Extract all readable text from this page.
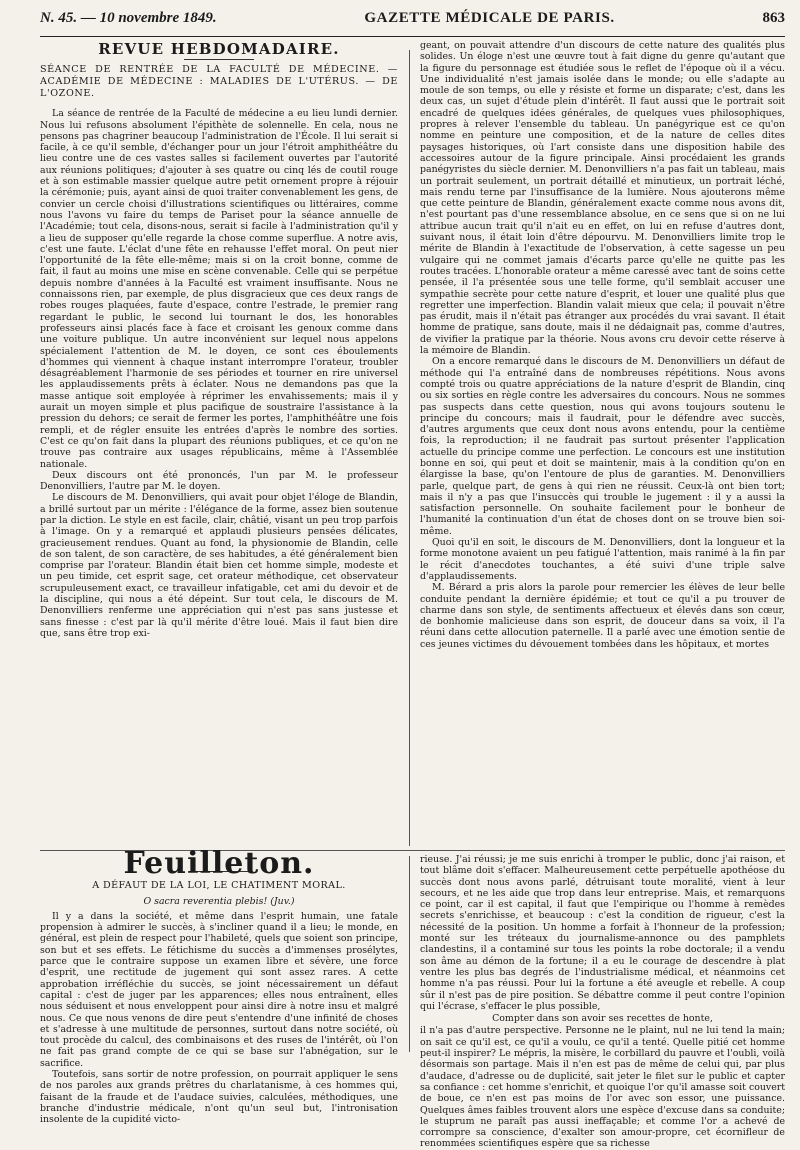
N. 45. — 10 novembre 1849.	GAZETTE MÉDICALE DE PARIS.	863
REVUE HEBDOMADAIRE.
SÉANCE DE RENTRÉE DE LA FACULTÉ DE MÉDECINE. — ACADÉMIE DE MÉDECINE : MALADIES DE L'UTÉRUS. — DE L'OZONE.

La séance de rentrée de la Faculté de médecine a eu lieu lundi dernier. Nous lui refusons absolument l'épithète de solennelle. En cela, nous ne pensons pas chagriner beaucoup l'administration de l'École. Il lui serait si facile, à ce qu'il semble, d'échanger pour un jour l'étroit amphithéâtre du lieu contre une de ces vastes salles si facilement ouvertes par l'autorité aux réunions politiques; d'ajouter à ses quatre ou cinq lés de coutil rouge et à son estimable massier quelque autre petit ornement propre à réjouir la cérémonie; puis, ayant ainsi de quoi traiter convenablement les gens, de convier un cercle choisi d'illustrations scientifiques ou littéraires, comme nous l'avons vu faire du temps de Pariset pour la séance annuelle de l'Académie; tout cela, disons-nous, serait si facile à l'administration qu'il y a lieu de supposer qu'elle regarde la chose comme superflue. A notre avis, c'est une faute. L'éclat d'une fête en rehausse l'effet moral. On peut nier l'opportunité de la fête elle-même; mais si on la croit bonne, comme de fait, il faut au moins une mise en scène convenable. Celle qui se perpétue depuis nombre d'années à la Faculté est vraiment insuffisante. Nous ne connaissons rien, par exemple, de plus disgracieux que ces deux rangs de robes rouges plaquées, faute d'espace, contre l'estrade, le premier rang regardant le public, le second lui tournant le dos, les honorables professeurs ainsi placés face à face et croisant les genoux comme dans une voiture publique. Un autre inconvénient sur lequel nous appelons spécialement l'attention de M. le doyen, ce sont ces éboulements d'hommes qui viennent à chaque instant interrompre l'orateur, troubler désagréablement l'harmonie de ses périodes et tourner en rire universel les applaudissements prêts à éclater. Nous ne demandons pas que la masse antique soit employée à réprimer les envahissements; mais il y aurait un moyen simple et plus pacifique de soustraire l'assistance à la pression du dehors; ce serait de fermer les portes, l'amphithéâtre une fois rempli, et de régler ensuite les entrées d'après le nombre des sorties. C'est ce qu'on fait dans la plupart des réunions publiques, et ce qu'on ne trouve pas contraire aux usages républicains, même à l'Assemblée nationale.

Deux discours ont été prononcés, l'un par M. le professeur Denonvilliers, l'autre par M. le doyen.

Le discours de M. Denonvilliers, qui avait pour objet l'éloge de Blandin, a brillé surtout par un mérite : l'élégance de la forme, assez bien soutenue par la diction. Le style en est facile, clair, châtié, visant un peu trop parfois à l'image. On y a remarqué et applaudi plusieurs pensées délicates, gracieusement rendues. Quant au fond, la physionomie de Blandin, celle de son talent, de son caractère, de ses habitudes, a été généralement bien comprise par l'orateur. Blandin était bien cet homme simple, modeste et un peu timide, cet esprit sage, cet orateur méthodique, cet observateur scrupuleusement exact, ce travailleur infatigable, cet ami du devoir et de la discipline, qui nous a été dépeint. Sur tout cela, le discours de M. Denonvilliers renferme une appréciation qui n'est pas sans justesse et sans finesse : c'est par là qu'il mérite d'être loué. Mais il faut bien dire que, sans être trop exi-

geant, on pouvait attendre d'un discours de cette nature des qualités plus solides. Un éloge n'est une œuvre tout à fait digne du genre qu'autant que la figure du personnage est étudiée sous le reflet de l'époque où il a vécu. Une individualité n'est jamais isolée dans le monde; ou elle s'adapte au moule de son temps, ou elle y résiste et forme un disparate; c'est, dans les deux cas, un sujet d'étude plein d'intérêt. Il faut aussi que le portrait soit encadré de quelques idées générales, de quelques vues philosophiques, propres à relever l'ensemble du tableau. Un panégyrique est ce qu'on nomme en peinture une composition, et de la nature de celles dites paysages historiques, où l'art consiste dans une disposition habile des accessoires autour de la figure principale. Ainsi procédaient les grands panégyristes du siècle dernier. M. Denonvilliers n'a pas fait un tableau, mais un portrait seulement, un portrait détaillé et minutieux, un portrait léché, mais rendu terne par l'insuffisance de la lumière. Nous ajouterons même que cette peinture de Blandin, généralement exacte comme nous avons dit, n'est pourtant pas d'une ressemblance absolue, en ce sens que si on ne lui attribue aucun trait qu'il n'ait eu en effet, on lui en refuse d'autres dont, suivant nous, il était loin d'être dépourvu. M. Denonvilliers limite trop le mérite de Blandin à l'exactitude de l'observation, à cette sagesse un peu vulgaire qui ne commet jamais d'écarts parce qu'elle ne quitte pas les routes tracées. L'honorable orateur a même caressé avec tant de soins cette pensée, il l'a présentée sous une telle forme, qu'il semblait accuser une sympathie secrète pour cette nature d'esprit, et louer une qualité plus que regretter une imperfection. Blandin valait mieux que cela; il pouvait n'être pas érudit, mais il n'était pas étranger aux procédés du vrai savant. Il était homme de pratique, sans doute, mais il ne dédaignait pas, comme d'autres, de vivifier la pratique par la théorie. Nous avons cru devoir cette réserve à la mémoire de Blandin.

On a encore remarqué dans le discours de M. Denonvilliers un défaut de méthode qui l'a entraîné dans de nombreuses répétitions. Nous avons compté trois ou quatre appréciations de la nature d'esprit de Blandin, cinq ou six sorties en règle contre les adversaires du concours. Nous ne sommes pas suspects dans cette question, nous qui avons toujours soutenu le principe du concours; mais il faudrait, pour le défendre avec succès, d'autres arguments que ceux dont nous avons entendu, pour la centième fois, la reproduction; il ne faudrait pas surtout présenter l'application actuelle du principe comme une perfection. Le concours est une institution bonne en soi, qui peut et doit se maintenir, mais à la condition qu'on en élargisse la base, qu'on l'entoure de plus de garanties. M. Denonvilliers parle, quelque part, de gens à qui rien ne réussit. Ceux-là ont bien tort; mais il n'y a pas que l'insuccès qui trouble le jugement : il y a aussi la satisfaction personnelle. On souhaite facilement pour le bonheur de l'humanité la continuation d'un état de choses dont on se trouve bien soi-même.

Quoi qu'il en soit, le discours de M. Denonvilliers, dont la longueur et la forme monotone avaient un peu fatigué l'attention, mais ranimé à la fin par le récit d'anecdotes touchantes, a été suivi d'une triple salve d'applaudissements.

M. Bérard a pris alors la parole pour remercier les élèves de leur belle conduite pendant la dernière épidémie; et tout ce qu'il a pu trouver de charme dans son style, de sentiments affectueux et élevés dans son cœur, de bonhomie malicieuse dans son esprit, de douceur dans sa voix, il l'a réuni dans cette allocution paternelle. Il a parlé avec une émotion sentie de ces jeunes victimes du dévouement tombées dans les hôpitaux, et mortes

Feuilleton.
A DÉFAUT DE LA LOI, LE CHATIMENT MORAL.
O sacra reverentia plebis! (Juv.)

Il y a dans la société, et même dans l'esprit humain, une fatale propension à admirer le succès, à s'incliner quand il a lieu; le monde, en général, est plein de respect pour l'habileté, quels que soient son principe, son but et ses effets. Le fétichisme du succès a d'immenses prosélytes, parce que le contraire suppose un examen libre et sévère, une force d'esprit, une rectitude de jugement qui sont assez rares. A cette approbation irréfléchie du succès, se joint nécessairement un défaut capital : c'est de juger par les apparences; elles nous entraînent, elles nous séduisent et nous enveloppent pour ainsi dire à notre insu et malgré nous. Ce que nous venons de dire peut s'entendre d'une infinité de choses et s'adresse à une multitude de personnes, surtout dans notre société, où tout procède du calcul, des combinaisons et des ruses de l'intérêt, où l'on ne fait pas grand compte de ce qui se base sur l'abnégation, sur le sacrifice.

Toutefois, sans sortir de notre profession, on pourrait appliquer le sens de nos paroles aux grands prêtres du charlatanisme, à ces hommes qui, faisant de la fraude et de l'audace suivies, calculées, méthodiques, une branche d'industrie médicale, n'ont qu'un seul but, l'intronisation insolente de la cupidité victo-

rieuse. J'ai réussi; je me suis enrichi à tromper le public, donc j'ai raison, et tout blâme doit s'effacer. Malheureusement cette perpétuelle apothéose du succès dont nous avons parlé, détruisant toute moralité, vient à leur secours, et ne les aide que trop dans leur entreprise. Mais, et remarquons ce point, car il est capital, il faut que l'empirique ou l'homme à remèdes secrets s'enrichisse, et beaucoup : c'est la condition de rigueur, c'est la nécessité de la position. Un homme a forfait à l'honneur de la profession; monté sur les tréteaux du journalisme-annonce ou des pamphlets clandestins, il a contaminé sur tous les points la robe doctorale; il a vendu son âme au démon de la fortune; il a eu le courage de descendre à plat ventre les plus bas degrés de l'industrialisme médical, et néanmoins cet homme n'a pas réussi. Pour lui la fortune a été aveugle et rebelle. A coup sûr il n'est pas de pire position. Se débattre comme il peut contre l'opinion qui l'écrase, s'effacer le plus possible,

Compter dans son avoir ses recettes de honte,

il n'a pas d'autre perspective. Personne ne le plaint, nul ne lui tend la main; on sait ce qu'il est, ce qu'il a voulu, ce qu'il a tenté. Quelle pitié cet homme peut-il inspirer? Le mépris, la misère, le corbillard du pauvre et l'oubli, voilà désormais son partage. Mais il n'en est pas de même de celui qui, par plus d'audace, d'adresse ou de duplicité, sait jeter le filet sur le public et capter sa confiance : cet homme s'enrichit, et quoique l'or qu'il amasse soit couvert de boue, ce n'en est pas moins de l'or avec son essor, une puissance. Quelques âmes faibles trouvent alors une espèce d'excuse dans sa conduite; le stuprum ne paraît pas aussi ineffaçable; et comme l'or a achevé de corrompre sa conscience, d'exalter son amour-propre, cet écornifleur de renommées scientifiques espère que sa richesse
